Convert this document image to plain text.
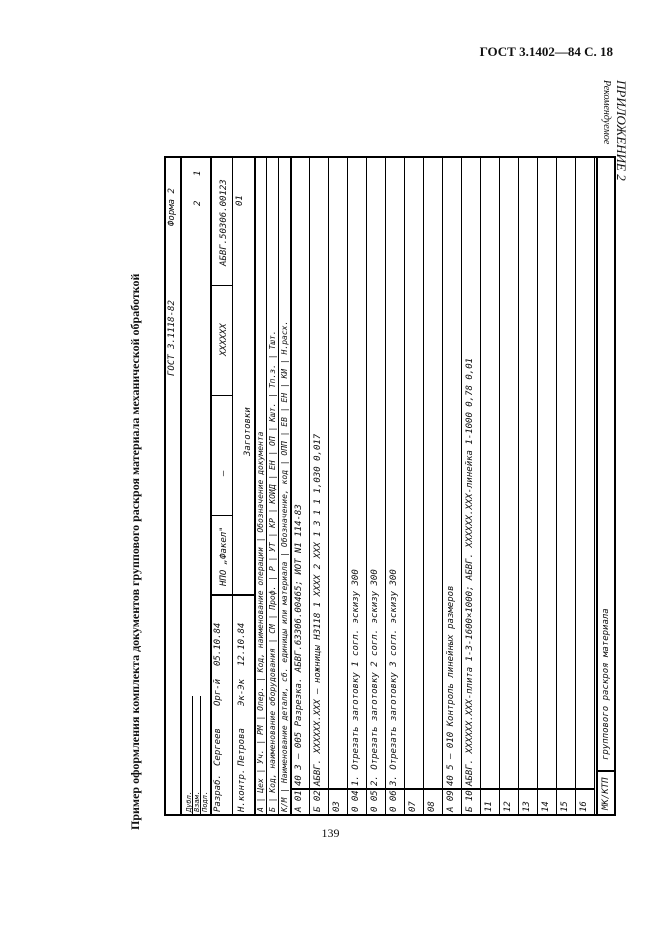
ГОСТ 3.1402—84 С. 18
ПРИЛОЖЕНИЕ 2
Рекомендуемое
Пример оформления комплекта документов группового раскроя материала механической обработкой	ГОСТ 3.1118-82
Форма 2
Дубл. Взам. Подл.
2
1
Разраб.
Сергеев
Орг-й
05.10.84
Н.контр.
Петрова
Эк-Эк
12.10.84
НПО „Факел"
—
XXXXXX
АБВГ.50306.00123 01
Заготовки А | Цех | Уч. | РМ | Опер. | Код, наименование операции | Обозначение документа Б | Код, наименование оборудования | СМ | Проф. | Р | УТ | КР | КОИД | ЕН | ОП | Кшт. | Тп.з. | Тшт. К/М | Наименование детали, сб. единицы или материала | Обозначение, код | ОПП | ЕВ | ЕН | КИ | Н.расх. А 01
40 3 — 005 Разрезка. АБВГ.63306.00465; ИОТ N1 114-83
Б 02
АБВГ. XXXXXX.XXX — ножницы Н3118 1 XXXX 2 XXX 1 3 1 1 1,030 0,017
03 0 04
1. Отрезать заготовку 1 согл. эскизу 300
0 05
2. Отрезать заготовку 2 согл. эскизу 300
0 06
3. Отрезать заготовку 3 согл. эскизу 300
07 08 А 09
40 5 — 010 Контроль линейных размеров
Б 10
АБВГ. XXXXXX.XXX-плита 1-3-1600×1000; АБВГ. XXXXXX.XXX-линейка 1-1000 0,78 0,01
11 12 13 14 15 16 МК/КТП
группового раскроя материала
139
